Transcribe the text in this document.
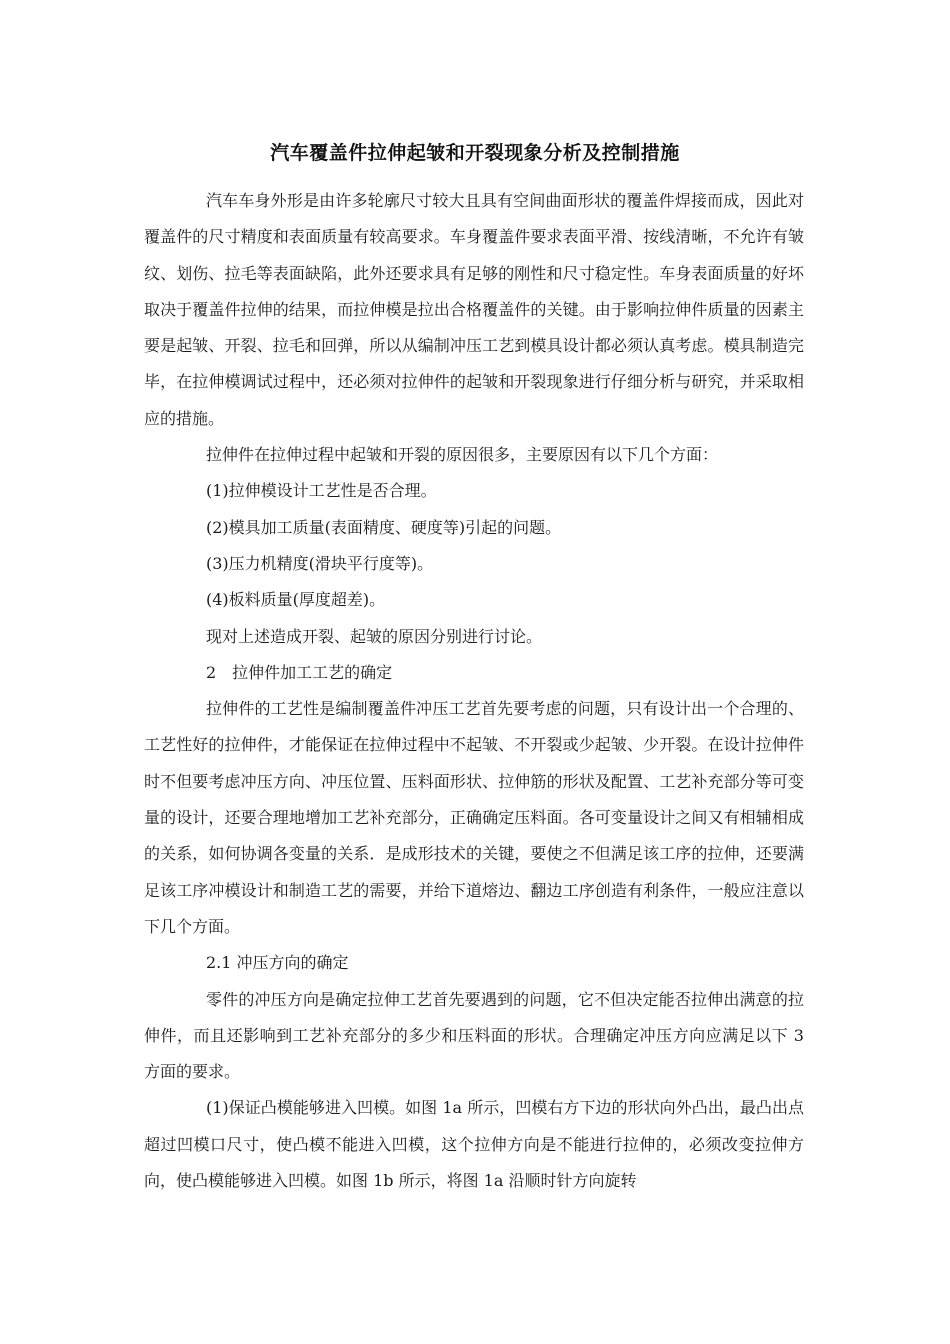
汽车覆盖件拉伸起皱和开裂现象分析及控制措施

汽车车身外形是由许多轮廓尺寸较大且具有空间曲面形状的覆盖件焊接而成，因此对覆盖件的尺寸精度和表面质量有较高要求。车身覆盖件要求表面平滑、按线清晰，不允许有皱纹、划伤、拉毛等表面缺陷，此外还要求具有足够的刚性和尺寸稳定性。车身表面质量的好坏取决于覆盖件拉伸的结果，而拉伸模是拉出合格覆盖件的关键。由于影响拉伸件质量的因素主要是起皱、开裂、拉毛和回弹，所以从编制冲压工艺到模具设计都必须认真考虑。模具制造完毕，在拉伸模调试过程中，还必须对拉伸件的起皱和开裂现象进行仔细分析与研究，并采取相应的措施。

拉伸件在拉伸过程中起皱和开裂的原因很多，主要原因有以下几个方面：

(1)拉伸模设计工艺性是否合理。

(2)模具加工质量(表面精度、硬度等)引起的问题。

(3)压力机精度(滑块平行度等)。

(4)板料质量(厚度超差)。

现对上述造成开裂、起皱的原因分别进行讨论。

2　拉伸件加工工艺的确定

拉伸件的工艺性是编制覆盖件冲压工艺首先要考虑的问题，只有设计出一个合理的、工艺性好的拉伸件，才能保证在拉伸过程中不起皱、不开裂或少起皱、少开裂。在设计拉伸件时不但要考虑冲压方向、冲压位置、压料面形状、拉伸筋的形状及配置、工艺补充部分等可变量的设计，还要合理地增加工艺补充部分，正确确定压料面。各可变量设计之间又有相辅相成的关系，如何协调各变量的关系．是成形技术的关键，要使之不但满足该工序的拉伸，还要满足该工序冲模设计和制造工艺的需要，并给下道熔边、翻边工序创造有利条件，一般应注意以下几个方面。

2.1 冲压方向的确定

零件的冲压方向是确定拉伸工艺首先要遇到的问题，它不但决定能否拉伸出满意的拉伸件，而且还影响到工艺补充部分的多少和压料面的形状。合理确定冲压方向应满足以下 3 方面的要求。

(1)保证凸模能够进入凹模。如图 1a 所示，凹模右方下边的形状向外凸出，最凸出点超过凹模口尺寸，使凸模不能进入凹模，这个拉伸方向是不能进行拉伸的，必须改变拉伸方向，使凸模能够进入凹模。如图 1b 所示，将图 1a 沿顺时针方向旋转
